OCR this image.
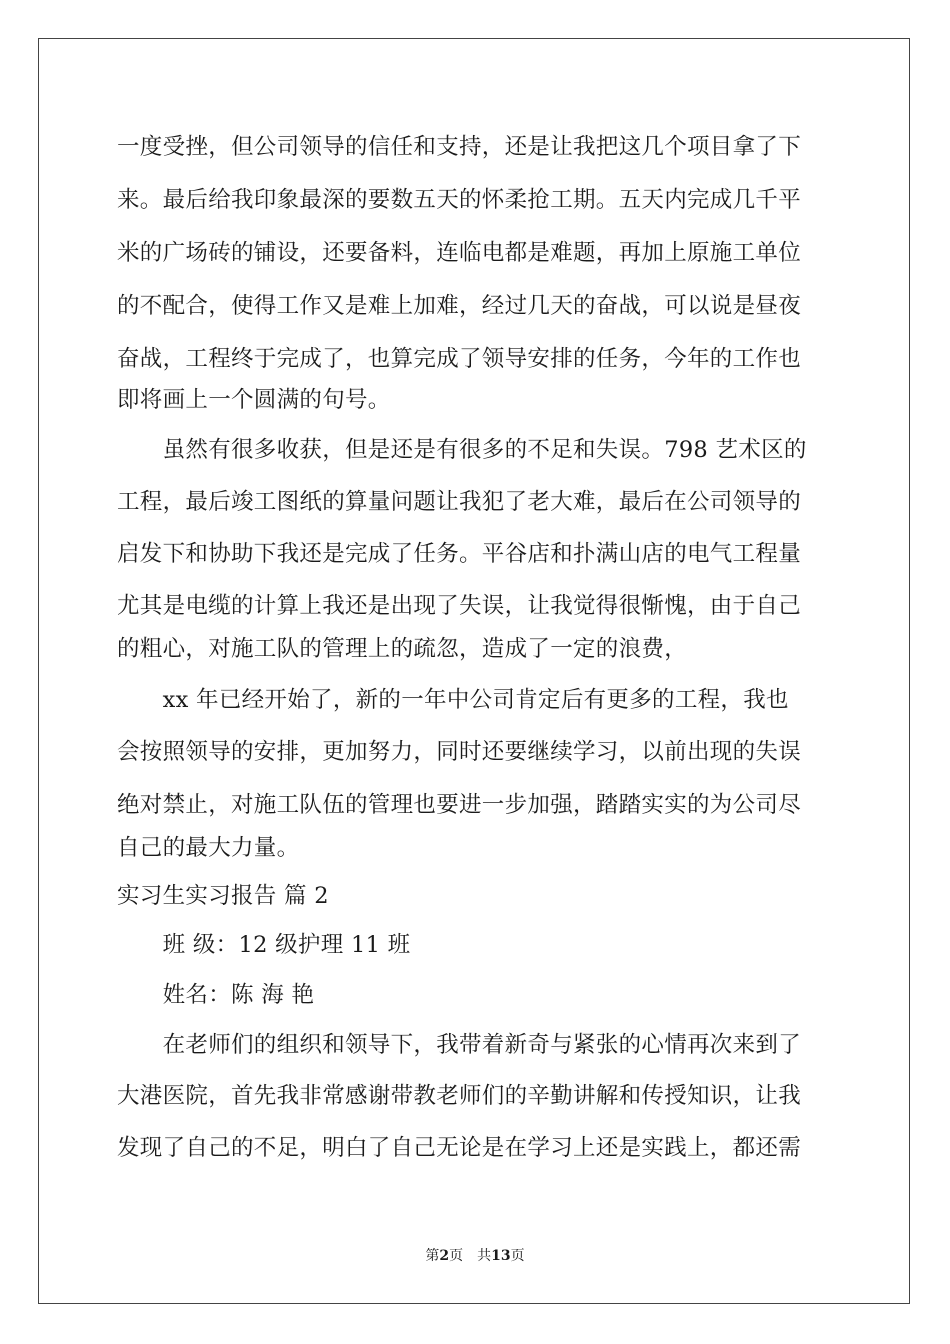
一度受挫，但公司领导的信任和支持，还是让我把这几个项目拿了下
来。最后给我印象最深的要数五天的怀柔抢工期。五天内完成几千平
米的广场砖的铺设，还要备料，连临电都是难题，再加上原施工单位
的不配合，使得工作又是难上加难，经过几天的奋战，可以说是昼夜
奋战，工程终于完成了，也算完成了领导安排的任务，今年的工作也
即将画上一个圆满的句号。
　　虽然有很多收获，但是还是有很多的不足和失误。798 艺术区的
工程，最后竣工图纸的算量问题让我犯了老大难，最后在公司领导的
启发下和协助下我还是完成了任务。平谷店和扑满山店的电气工程量
尤其是电缆的计算上我还是出现了失误，让我觉得很惭愧，由于自己
的粗心，对施工队的管理上的疏忽，造成了一定的浪费，
　　xx 年已经开始了，新的一年中公司肯定后有更多的工程，我也
会按照领导的安排，更加努力，同时还要继续学习，以前出现的失误
绝对禁止，对施工队伍的管理也要进一步加强，踏踏实实的为公司尽
自己的最大力量。
实习生实习报告 篇 2
　　班 级：12 级护理 11 班
　　姓名：陈 海 艳
　　在老师们的组织和领导下，我带着新奇与紧张的心情再次来到了
大港医院，首先我非常感谢带教老师们的辛勤讲解和传授知识，让我
发现了自己的不足，明白了自己无论是在学习上还是实践上，都还需
第2页　共13页
